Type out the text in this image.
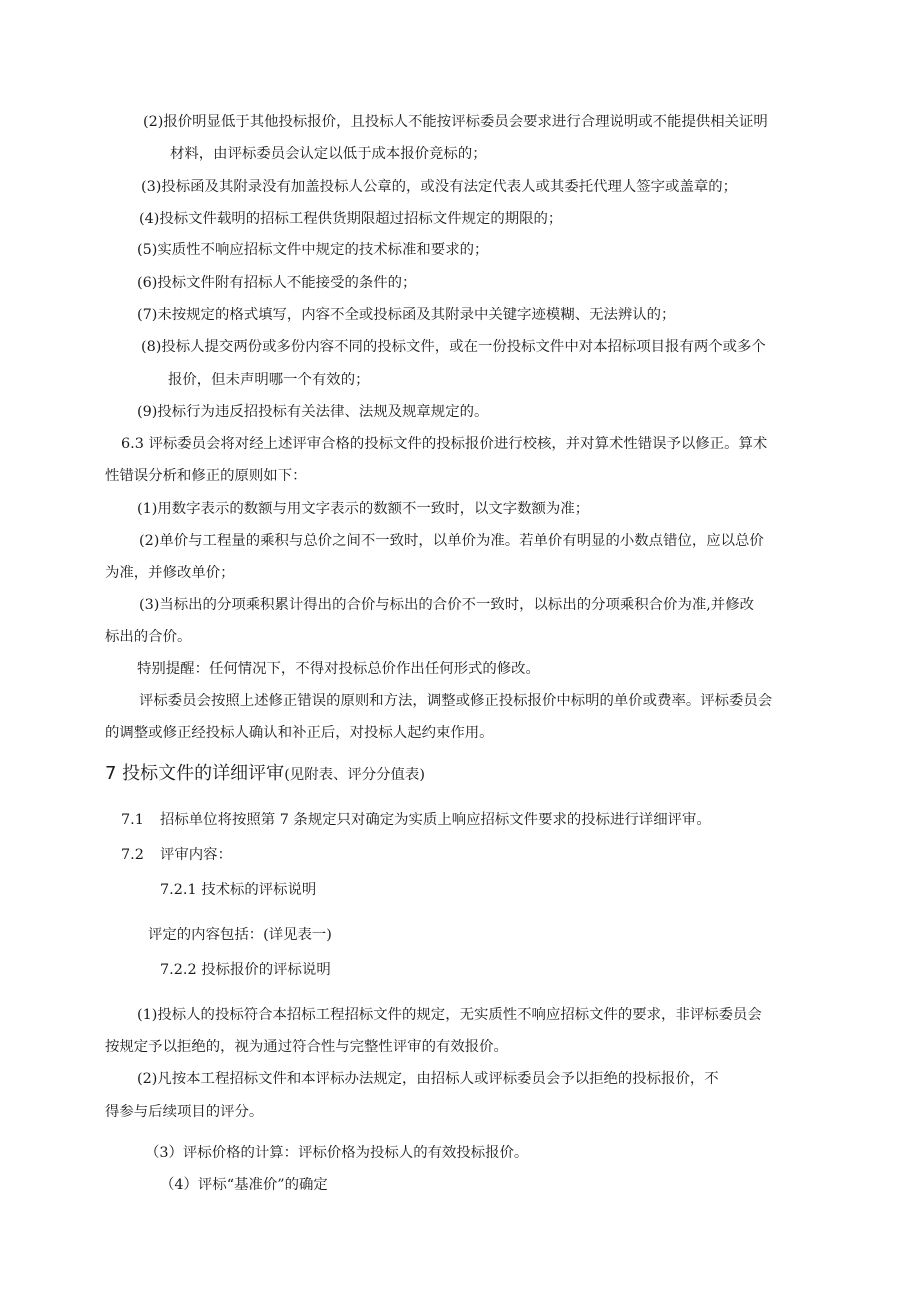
(2)报价明显低于其他投标报价，且投标人不能按评标委员会要求进行合理说明或不能提供相关证明
材料，由评标委员会认定以低于成本报价竞标的；
(3)投标函及其附录没有加盖投标人公章的，或没有法定代表人或其委托代理人签字或盖章的；
(4)投标文件载明的招标工程供货期限超过招标文件规定的期限的；
(5)实质性不响应招标文件中规定的技术标准和要求的；
(6)投标文件附有招标人不能接受的条件的；
(7)未按规定的格式填写，内容不全或投标函及其附录中关键字迹模糊、无法辨认的；
(8)投标人提交两份或多份内容不同的投标文件，或在一份投标文件中对本招标项目报有两个或多个
报价，但未声明哪一个有效的；
(9)投标行为违反招投标有关法律、法规及规章规定的。
6.3 评标委员会将对经上述评审合格的投标文件的投标报价进行校核，并对算术性错误予以修正。算术
性错误分析和修正的原则如下：
(1)用数字表示的数额与用文字表示的数额不一致时，以文字数额为准；
(2)单价与工程量的乘积与总价之间不一致时，以单价为准。若单价有明显的小数点错位，应以总价
为准，并修改单价；
(3)当标出的分项乘积累计得出的合价与标出的合价不一致时，以标出的分项乘积合价为准,并修改
标出的合价。
特别提醒：任何情况下，不得对投标总价作出任何形式的修改。
评标委员会按照上述修正错误的原则和方法，调整或修正投标报价中标明的单价或费率。评标委员会
的调整或修正经投标人确认和补正后，对投标人起约束作用。
7 投标文件的详细评审(见附表、评分分值表)
7.1 招标单位将按照第 7 条规定只对确定为实质上响应招标文件要求的投标进行详细评审。
7.2 评审内容：
7.2.1 技术标的评标说明
评定的内容包括：(详见表一)
7.2.2 投标报价的评标说明
(1)投标人的投标符合本招标工程招标文件的规定，无实质性不响应招标文件的要求，非评标委员会
按规定予以拒绝的，视为通过符合性与完整性评审的有效报价。
(2)凡按本工程招标文件和本评标办法规定，由招标人或评标委员会予以拒绝的投标报价，不
得参与后续项目的评分。
（3）评标价格的计算：评标价格为投标人的有效投标报价。
（4）评标“基准价”的确定
